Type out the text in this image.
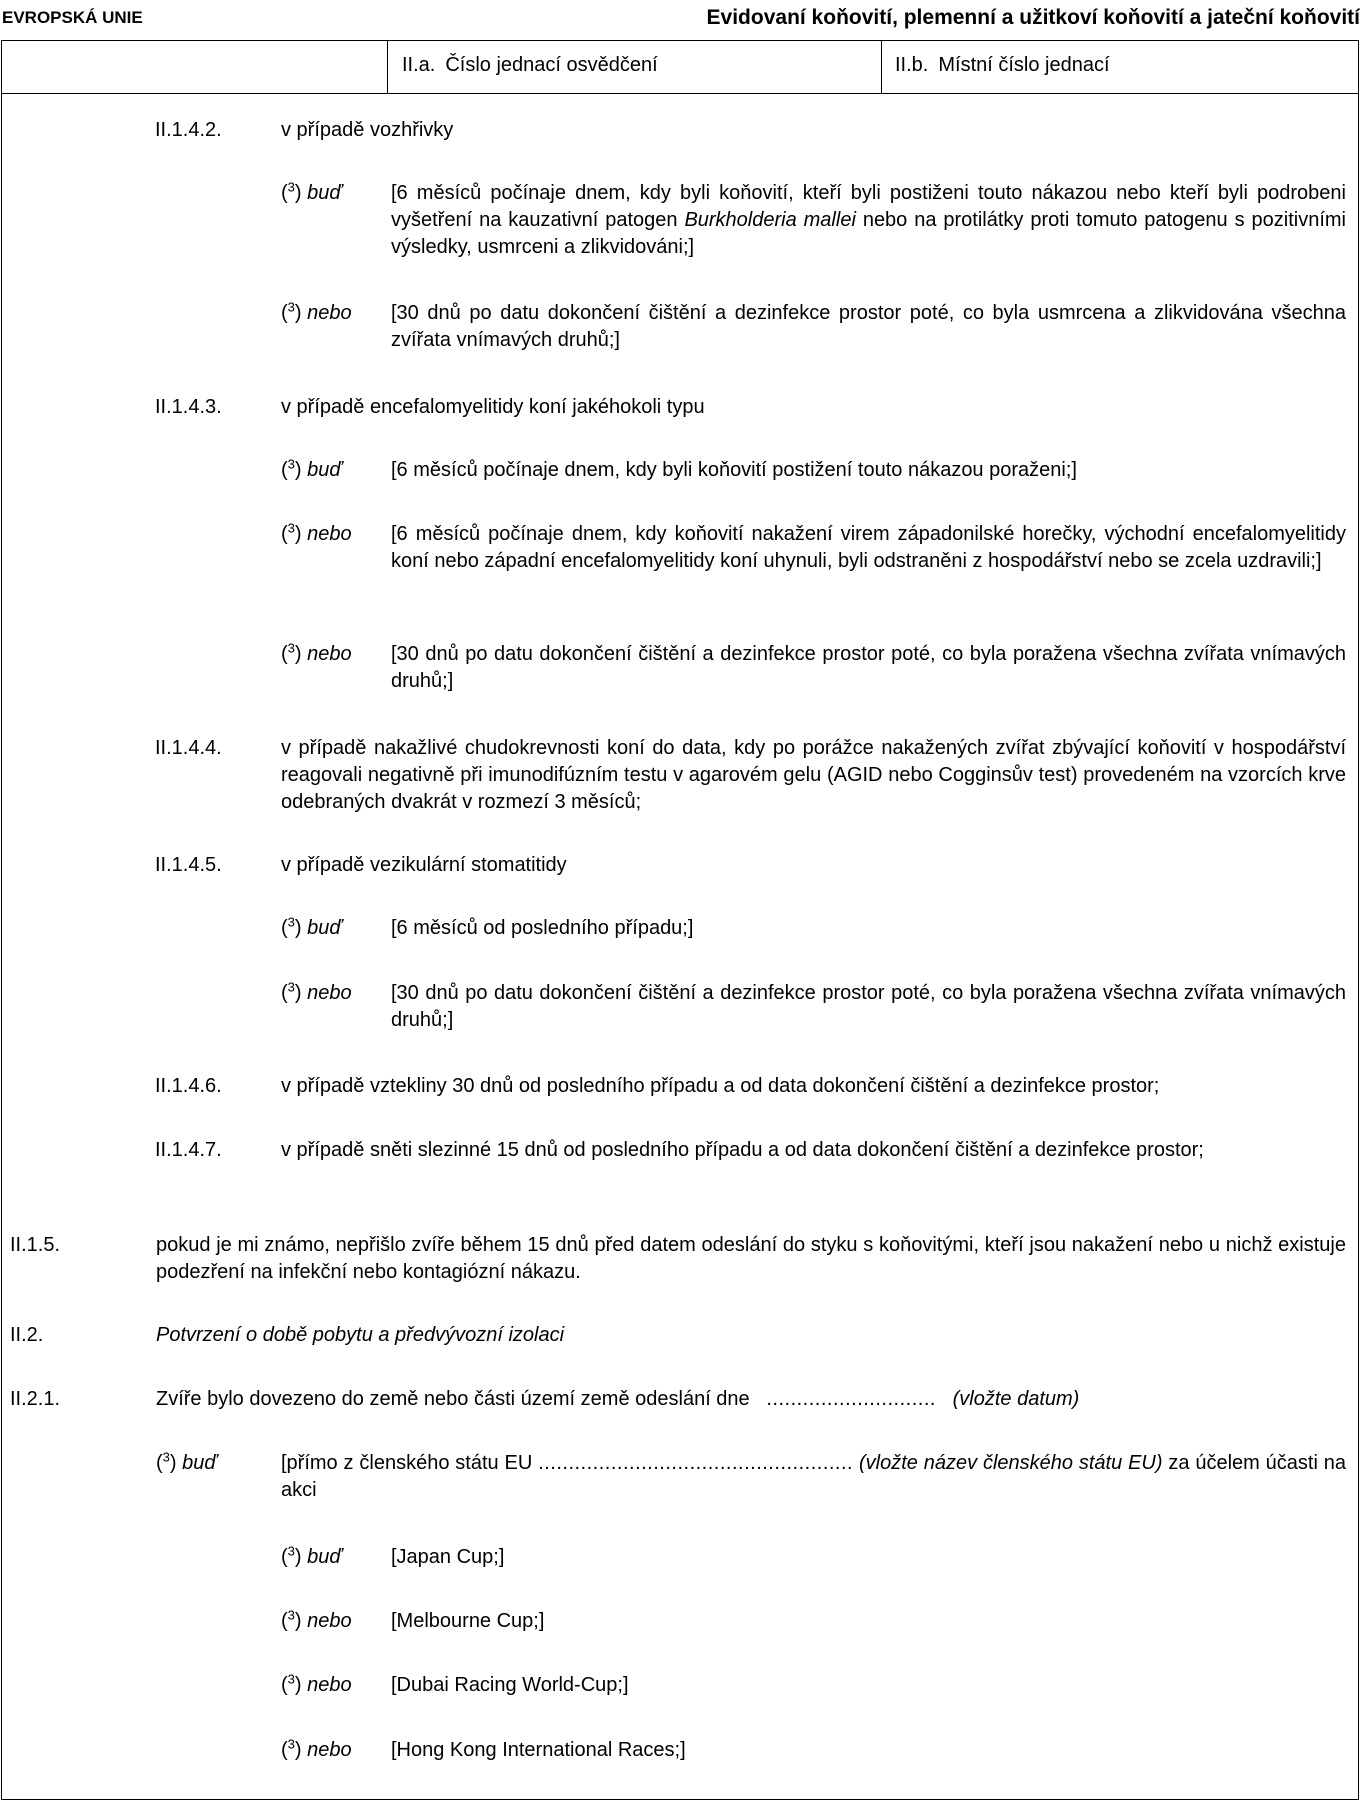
EVROPSKÁ UNIE	Evidovaní koňovití, plemenní a užitkoví koňovití a jateční koňovití
II.a. Číslo jednací osvědčení	II.b. Místní číslo jednací
II.1.4.2.	v případě vozhřivky
($^3$) buď [6 měsíců počínaje dnem, kdy byli koňovití, kteří byli postiženi touto nákazou nebo kteří byli podrobeni vyšetření na kauzativní patogen Burkholderia mallei nebo na protilátky proti tomuto patogenu s pozitivními výsledky, usmrceni a zlikvidováni;]
($^3$) nebo [30 dnů po datu dokončení čištění a dezinfekce prostor poté, co byla usmrcena a zlikvidována všechna zvířata vnímavých druhů;]
II.1.4.3.	v případě encefalomyelitidy koní jakéhokoli typu
($^3$) buď [6 měsíců počínaje dnem, kdy byli koňovití postižení touto nákazou poraženi;]
($^3$) nebo [6 měsíců počínaje dnem, kdy koňovití nakažení virem západonilské horečky, východní encefalomyelitidy koní nebo západní encefalomyelitidy koní uhynuli, byli odstraněni z hospodářství nebo se zcela uzdravili;]
($^3$) nebo [30 dnů po datu dokončení čištění a dezinfekce prostor poté, co byla poražena všechna zvířata vnímavých druhů;]
II.1.4.4.	v případě nakažlivé chudokrevnosti koní do data, kdy po porážce nakažených zvířat zbývající koňovití v hospodářství reagovali negativně při imunodifúzním testu v agarovém gelu (AGID nebo Cogginsův test) provedeném na vzorcích krve odebraných dvakrát v rozmezí 3 měsíců;
II.1.4.5.	v případě vezikulární stomatitidy
($^3$) buď [6 měsíců od posledního případu;]
($^3$) nebo [30 dnů po datu dokončení čištění a dezinfekce prostor poté, co byla poražena všechna zvířata vnímavých druhů;]
II.1.4.6.	v případě vztekliny 30 dnů od posledního případu a od data dokončení čištění a dezinfekce prostor;
II.1.4.7.	v případě sněti slezinné 15 dnů od posledního případu a od data dokončení čištění a dezinfekce prostor;
II.1.5.	pokud je mi známo, nepřišlo zvíře během 15 dnů před datem odeslání do styku s koňovitými, kteří jsou nakažení nebo u nichž existuje podezření na infekční nebo kontagiózní nákazu.
II.2.	Potvrzení o době pobytu a předvývozní izolaci
II.2.1.	Zvíře bylo dovezeno do země nebo části území země odeslání dne ............................ (vložte datum)
($^3$) buď	[přímo z členského státu EU .................................................... (vložte název členského státu EU) za účelem účasti na akci
($^3$) buď [Japan Cup;]
($^3$) nebo [Melbourne Cup;]
($^3$) nebo [Dubai Racing World-Cup;]
($^3$) nebo [Hong Kong International Races;]
